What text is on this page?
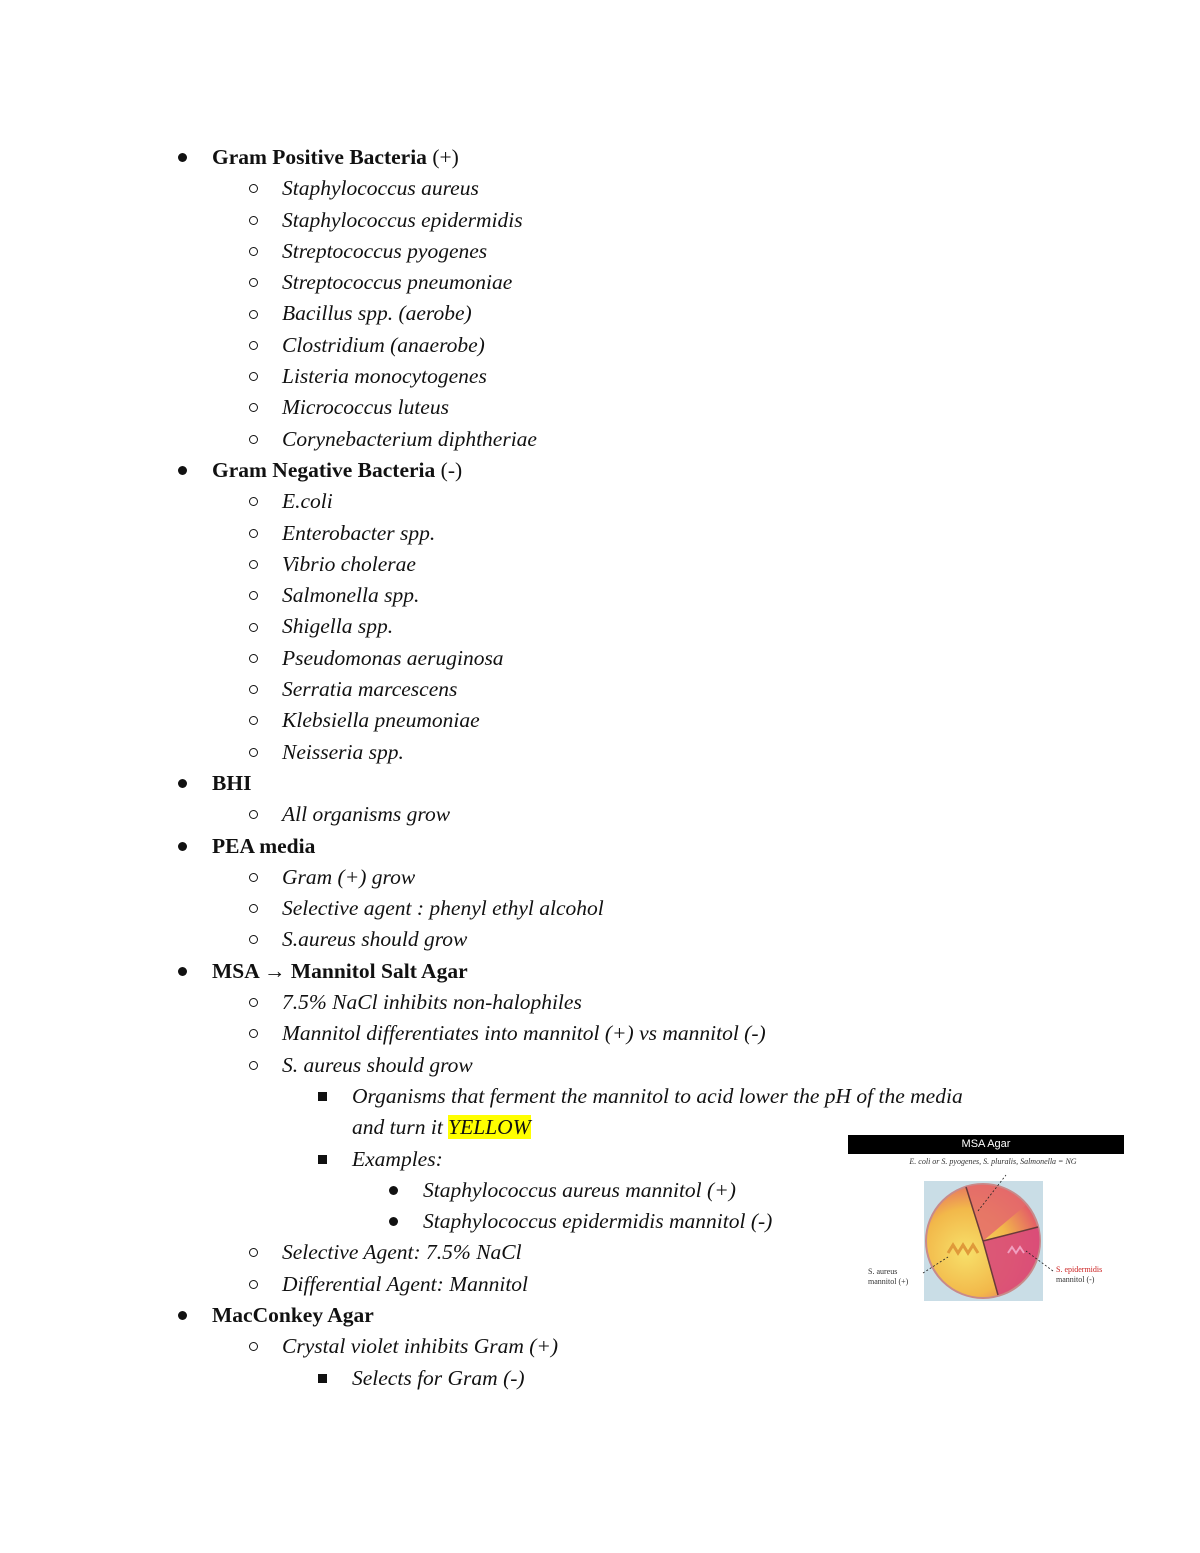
Gram Positive Bacteria (+)
Staphylococcus aureus
Staphylococcus epidermidis
Streptococcus pyogenes
Streptococcus pneumoniae
Bacillus spp. (aerobe)
Clostridium (anaerobe)
Listeria monocytogenes
Micrococcus luteus
Corynebacterium diphtheriae
Gram Negative Bacteria (-)
E.coli
Enterobacter spp.
Vibrio cholerae
Salmonella spp.
Shigella spp.
Pseudomonas aeruginosa
Serratia marcescens
Klebsiella pneumoniae
Neisseria spp.
BHI
All organisms grow
PEA media
Gram (+) grow
Selective agent : phenyl ethyl alcohol
S.aureus should grow
MSA → Mannitol Salt Agar
7.5% NaCl inhibits non-halophiles
Mannitol differentiates into mannitol (+) vs mannitol (-)
S. aureus should grow
Organisms that ferment the mannitol to acid lower the pH of the media
and turn it YELLOW
Examples:
Staphylococcus aureus mannitol (+)
Staphylococcus epidermidis mannitol (-)
Selective Agent: 7.5% NaCl
Differential Agent: Mannitol
MacConkey Agar
Crystal violet inhibits Gram (+)
Selects for Gram (-)
MSA Agar
E. coli or S. pyogenes, S. pluralis, Salmonella = NG
S. aureus
mannitol (+)
S. epidermidis
mannitol (-)
